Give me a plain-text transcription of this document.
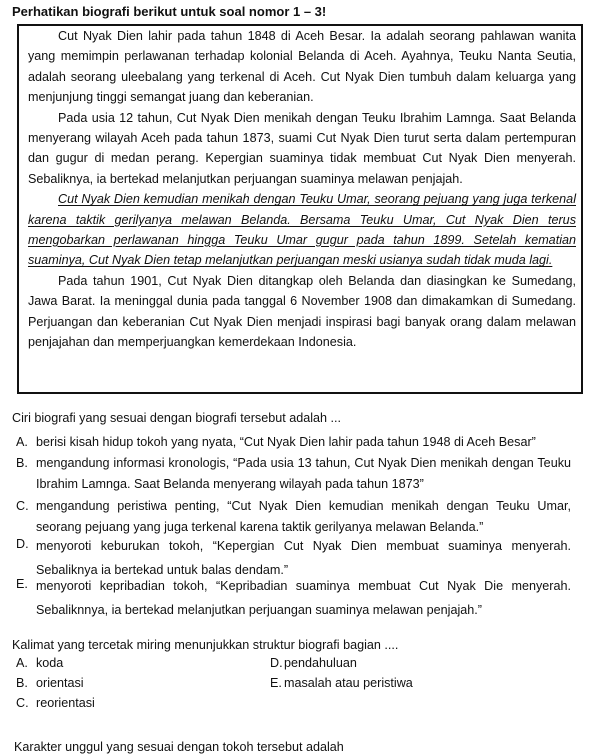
Perhatikan biografi berikut untuk soal nomor 1 – 3!

Cut Nyak Dien lahir pada tahun 1848 di Aceh Besar. Ia adalah seorang pahlawan wanita yang memimpin perlawanan terhadap kolonial Belanda di Aceh. Ayahnya, Teuku Nanta Seutia, adalah seorang uleebalang yang terkenal di Aceh. Cut Nyak Dien tumbuh dalam keluarga yang menjunjung tinggi semangat juang dan keberanian.

Pada usia 12 tahun, Cut Nyak Dien menikah dengan Teuku Ibrahim Lamnga. Saat Belanda menyerang wilayah Aceh pada tahun 1873, suami Cut Nyak Dien turut serta dalam pertempuran dan gugur di medan perang. Kepergian suaminya tidak membuat Cut Nyak Dien menyerah. Sebaliknya, ia bertekad melanjutkan perjuangan suaminya melawan penjajah.

Cut Nyak Dien kemudian menikah dengan Teuku Umar, seorang pejuang yang juga terkenal karena taktik gerilyanya melawan Belanda. Bersama Teuku Umar, Cut Nyak Dien terus mengobarkan perlawanan hingga Teuku Umar gugur pada tahun 1899. Setelah kematian suaminya, Cut Nyak Dien tetap melanjutkan perjuangan meski usianya sudah tidak muda lagi.

Pada tahun 1901, Cut Nyak Dien ditangkap oleh Belanda dan diasingkan ke Sumedang, Jawa Barat. Ia meninggal dunia pada tanggal 6 November 1908 dan dimakamkan di Sumedang. Perjuangan dan keberanian Cut Nyak Dien menjadi inspirasi bagi banyak orang dalam melawan penjajahan dan memperjuangkan kemerdekaan Indonesia.

Ciri biografi yang sesuai dengan biografi tersebut adalah ...
A. berisi kisah hidup tokoh yang nyata, “Cut Nyak Dien lahir pada tahun 1948 di Aceh Besar”
B. mengandung informasi kronologis, “Pada usia 13 tahun, Cut Nyak Dien menikah dengan Teuku Ibrahim Lamnga. Saat Belanda menyerang wilayah pada tahun 1873”
C. mengandung peristiwa penting, “Cut Nyak Dien kemudian menikah dengan Teuku Umar, seorang pejuang yang juga terkenal karena taktik gerilyanya melawan Belanda.”
D. menyoroti keburukan tokoh, “Kepergian Cut Nyak Dien membuat suaminya menyerah. Sebaliknya ia bertekad untuk balas dendam.”
E. menyoroti kepribadian tokoh, “Kepribadian suaminya membuat Cut Nyak Die menyerah. Sebaliknnya, ia bertekad melanjutkan perjuangan suaminya melawan penjajah.”
Kalimat yang tercetak miring menunjukkan struktur biografi bagian ....
A. koda
B. orientasi
C. reorientasi
D.pendahuluan
E. masalah atau peristiwa
Karakter unggul yang sesuai dengan tokoh tersebut adalah
